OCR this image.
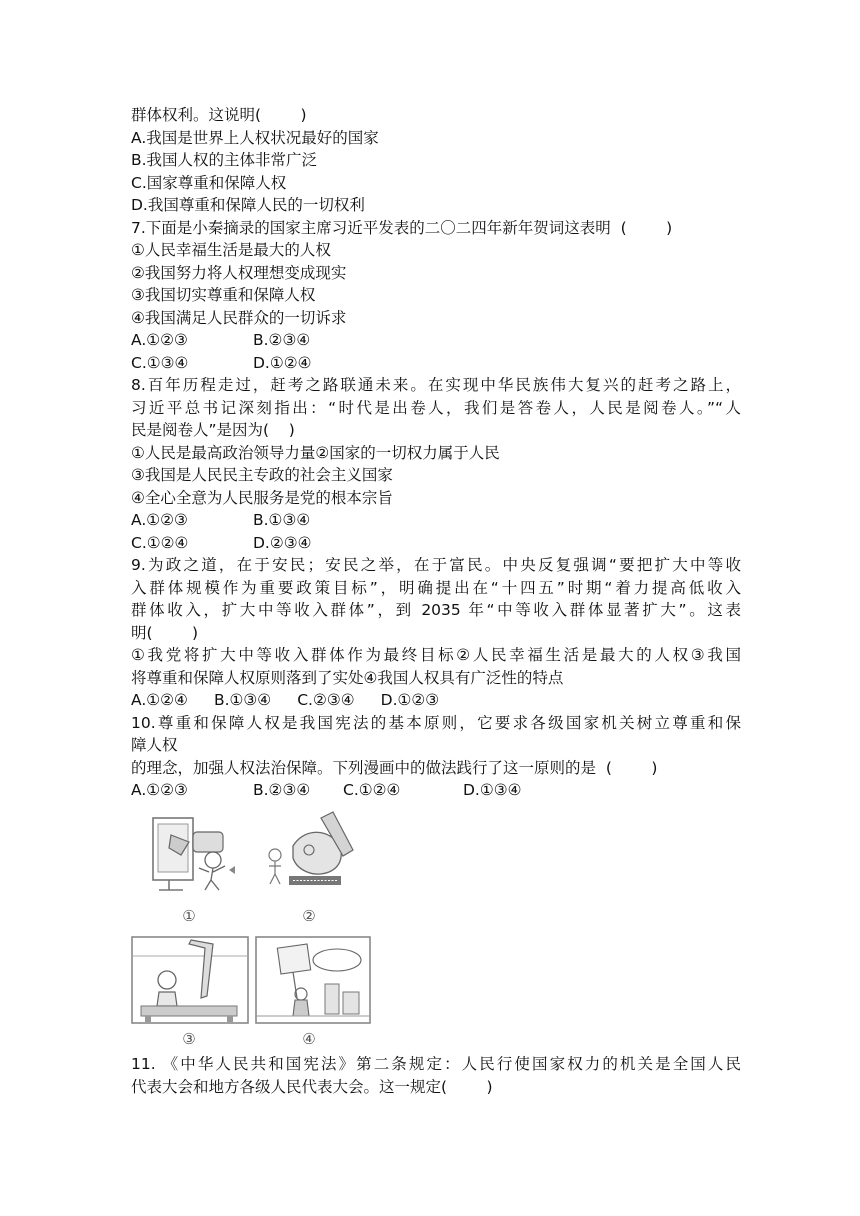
群体权利。这说明(        )
A.我国是世界上人权状况最好的国家
B.我国人权的主体非常广泛
C.国家尊重和保障人权
D.我国尊重和保障人民的一切权利
7.下面是小秦摘录的国家主席习近平发表的二〇二四年新年贺词这表明  (        )
①人民幸福生活是最大的人权
②我国努力将人权理想变成现实
③我国切实尊重和保障人权
④我国满足人民群众的一切诉求
A.①②③	B.②③④
C.①③④	D.①②④
8.百年历程走过，赶考之路联通未来。在实现中华民族伟大复兴的赶考之路上，
习近平总书记深刻指出：“时代是出卷人，我们是答卷人，人民是阅卷人。”“人
民是阅卷人”是因为(    )
①人民是最高政治领导力量②国家的一切权力属于人民
③我国是人民民主专政的社会主义国家
④全心全意为人民服务是党的根本宗旨
A.①②③	B.①③④
C.①②④	D.②③④
9.为政之道，在于安民；安民之举，在于富民。中央反复强调“要把扩大中等收
入群体规模作为重要政策目标”，明确提出在“十四五”时期“着力提高低收入
群体收入，扩大中等收入群体”，到 2035 年“中等收入群体显著扩大”。这表
明(        )
①我党将扩大中等收入群体作为最终目标②人民幸福生活是最大的人权③我国
将尊重和保障人权原则落到了实处④我国人权具有广泛性的特点
A.①②④ B.①③④ C.②③④ D.①②③
10.尊重和保障人权是我国宪法的基本原则，它要求各级国家机关树立尊重和保
障人权
的理念，加强人权法治保障。下列漫画中的做法践行了这一原则的是  (        )
A.①②③	B.②③④	C.①②④	D.①③④
①	②
③	④
11. 《中华人民共和国宪法》第二条规定：人民行使国家权力的机关是全国人民
代表大会和地方各级人民代表大会。这一规定(        )
